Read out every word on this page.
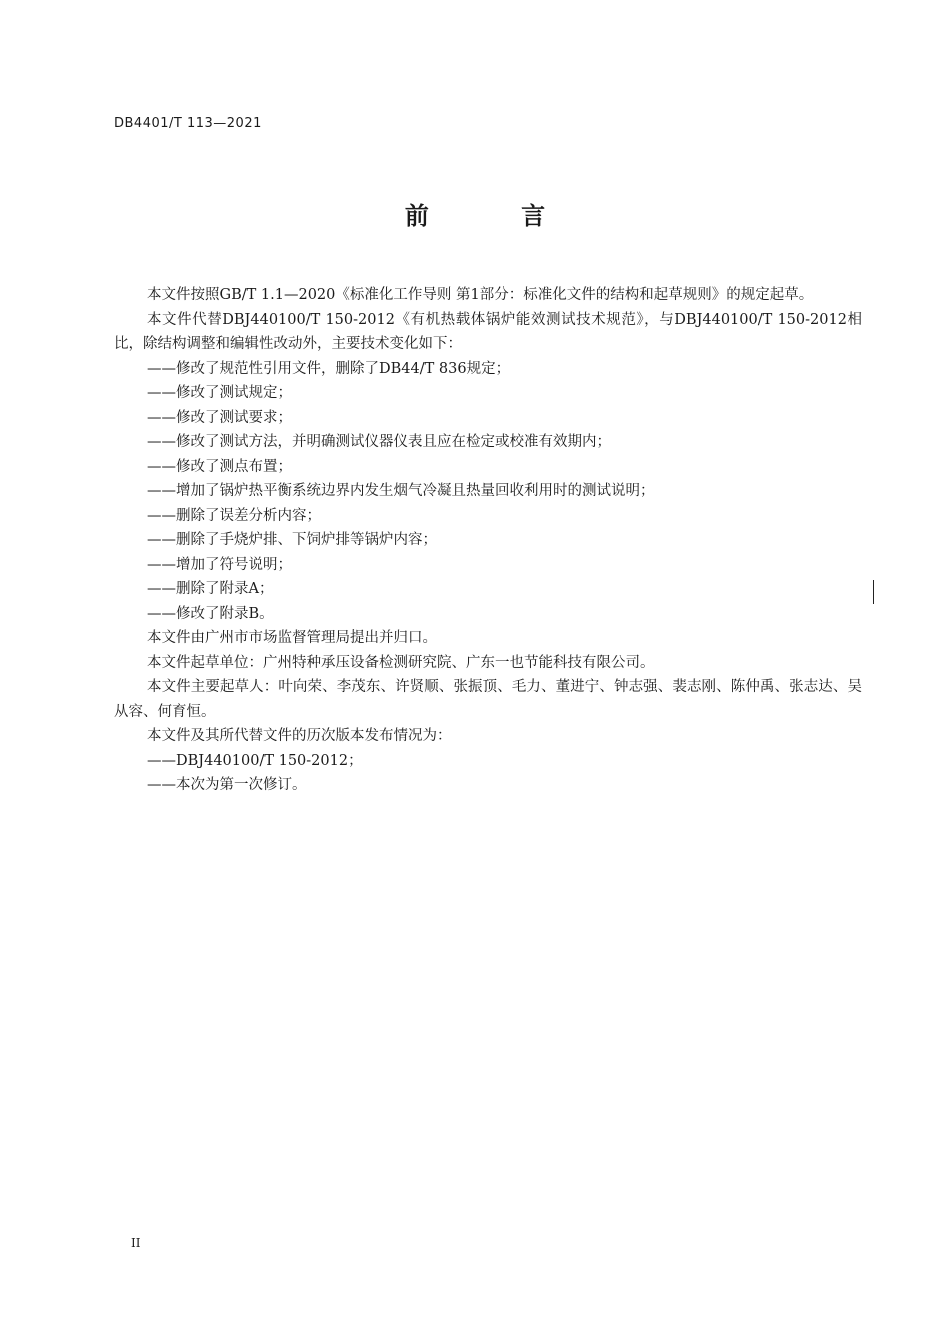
DB4401/T 113—2021
前 言

本文件按照GB/T 1.1—2020《标准化工作导则 第1部分：标准化文件的结构和起草规则》的规定起草。

本文件代替DBJ440100/T 150-2012《有机热载体锅炉能效测试技术规范》，与DBJ440100/T 150-2012相比，除结构调整和编辑性改动外，主要技术变化如下：

——修改了规范性引用文件，删除了DB44/T 836规定；

——修改了测试规定；

——修改了测试要求；

——修改了测试方法，并明确测试仪器仪表且应在检定或校准有效期内；

——修改了测点布置；

——增加了锅炉热平衡系统边界内发生烟气冷凝且热量回收利用时的测试说明；

——删除了误差分析内容；

——删除了手烧炉排、下饲炉排等锅炉内容；

——增加了符号说明；

——删除了附录A；

——修改了附录B。

本文件由广州市市场监督管理局提出并归口。

本文件起草单位：广州特种承压设备检测研究院、广东一也节能科技有限公司。

本文件主要起草人：叶向荣、李茂东、许贤顺、张振顶、毛力、董进宁、钟志强、裴志刚、陈仲禹、张志达、吴从容、何育恒。

本文件及其所代替文件的历次版本发布情况为：

——DBJ440100/T 150-2012；

——本次为第一次修订。

II
